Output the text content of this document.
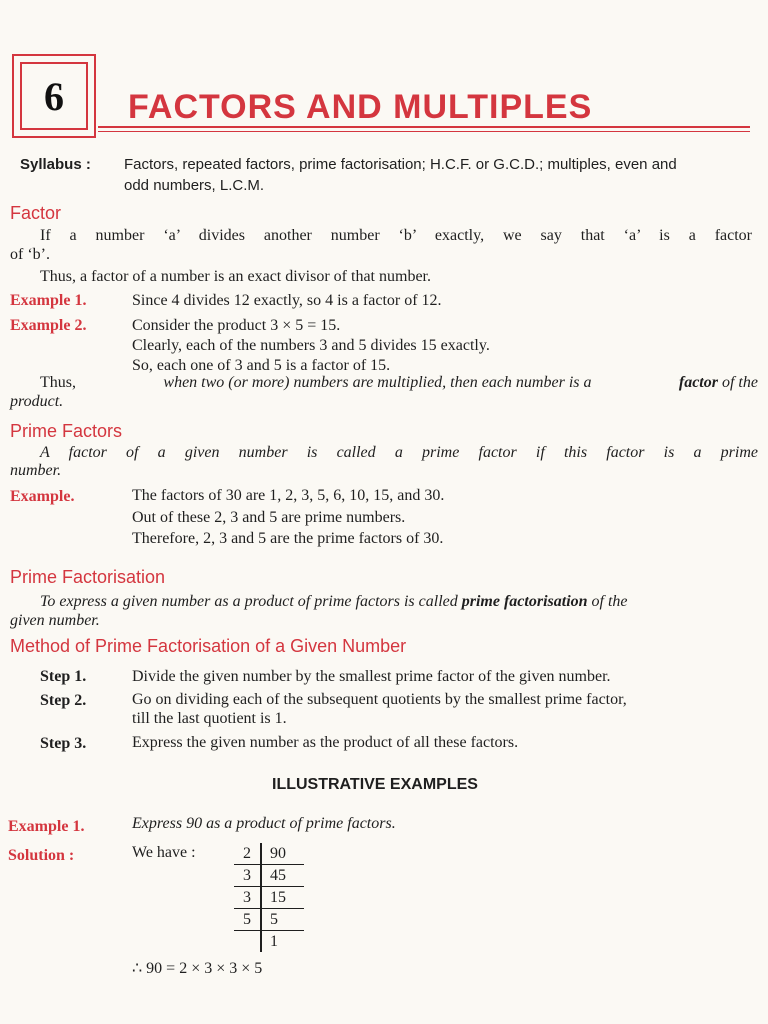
6	FACTORS AND MULTIPLES
Syllabus : Factors, repeated factors, prime factorisation; H.C.F. or G.C.D.; multiples, even and
odd numbers, L.C.M.
Factor
If a number ‘a’ divides another number ‘b’ exactly, we say that ‘a’ is a factor
of ‘b’.
Thus, a factor of a number is an exact divisor of that number.
Example 1.	Since 4 divides 12 exactly, so 4 is a factor of 12.
Example 2.	Consider the product 3 × 5 = 15.
Clearly, each of the numbers 3 and 5 divides 15 exactly.
So, each one of 3 and 5 is a factor of 15.
Thus,	when two (or more) numbers are multiplied, then each number is a	factor of the
product.
Prime Factors
A factor of a given number is called a prime factor if this factor is a prime
number.
Example.	The factors of 30 are 1, 2, 3, 5, 6, 10, 15, and 30.
Out of these 2, 3 and 5 are prime numbers.
Therefore, 2, 3 and 5 are the prime factors of 30.
Prime Factorisation
To express a given number as a product of prime factors is called prime factorisation of the
given number.
Method of Prime Factorisation of a Given Number
Step 1.	Divide the given number by the smallest prime factor of the given number.
Step 2.	Go on dividing each of the subsequent quotients by the smallest prime factor,
till the last quotient is 1.
Step 3.	Express the given number as the product of all these factors.
ILLUSTRATIVE EXAMPLES
Example 1.	Express 90 as a product of prime factors.
Solution :	We have :	2	90
3	45
3	15
5	5
	1
∴ 90 = 2 × 3 × 3 × 5
